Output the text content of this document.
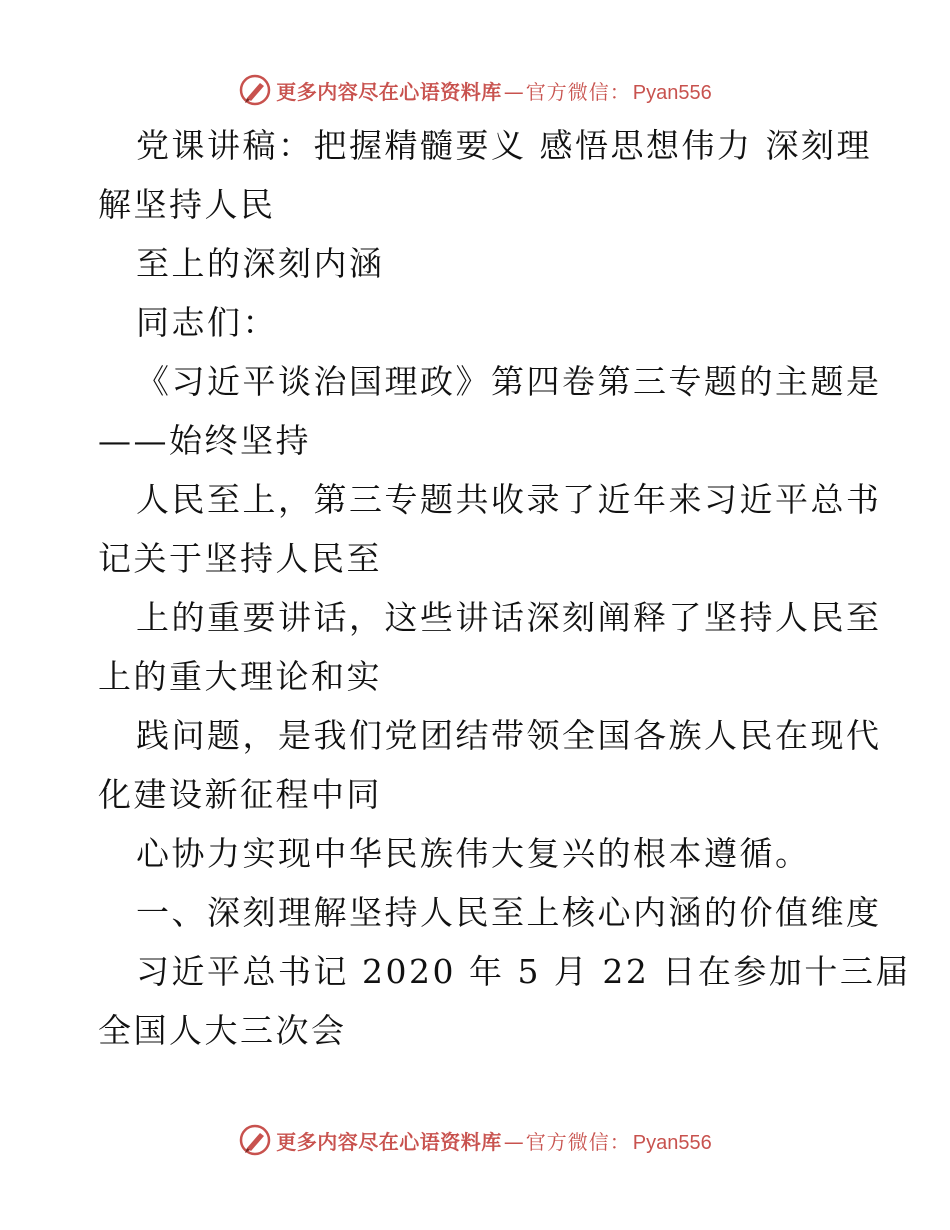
更多内容尽在心语资料库 — 官方微信： Pyan556
党课讲稿：把握精髓要义 感悟思想伟力 深刻理
解坚持人民
至上的深刻内涵
同志们：
《习近平谈治国理政》第四卷第三专题的主题是
——始终坚持
人民至上，第三专题共收录了近年来习近平总书
记关于坚持人民至
上的重要讲话，这些讲话深刻阐释了坚持人民至
上的重大理论和实
践问题，是我们党团结带领全国各族人民在现代
化建设新征程中同
心协力实现中华民族伟大复兴的根本遵循。
一、深刻理解坚持人民至上核心内涵的价值维度
习近平总书记 2020 年 5 月 22 日在参加十三届
全国人大三次会
更多内容尽在心语资料库 — 官方微信： Pyan556
